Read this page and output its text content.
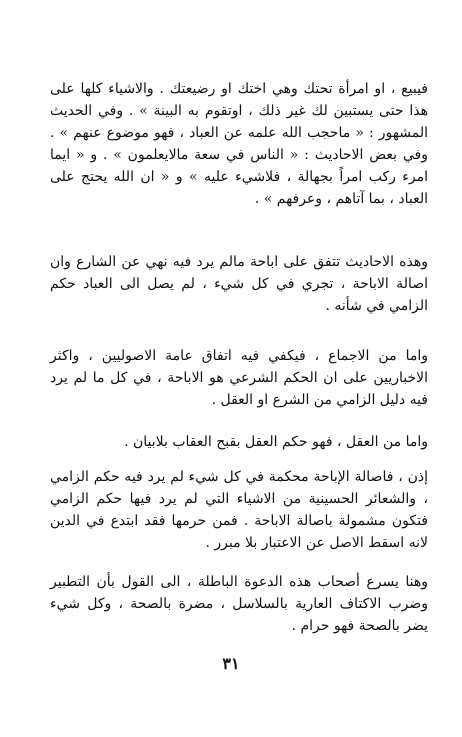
فيبيع ، او امرأة تحتك وهي اختك او رضيعتك . والاشياء كلها على هذا حتى يستبين لك غير ذلك ، اوتقوم به البينة » . وفي الحديث المشهور : « ماحجب الله علمه عن العباد ، فهو موضوع عنهم » . وفي بعض الاحاديث : « الناس في سعة مالايعلمون » . و « ايما امرء ركب امراً بجهالة ، فلاشيء عليه » و « ان الله يحتج على العباد ، بما آتاهم ، وعرفهم » .

وهذه الاحاديث تتفق على اباحة مالم يرد فيه نهي عن الشارع وان اصالة الاباحة ، تجري في كل شيء ، لم يصل الى العباد حكم الزامي في شأنه .

واما من الاجماع ، فيكفي فيه اتفاق عامة الاصوليين ، واكثر الاخباريين على ان الحكم الشرعي هو الاباحة ، في كل ما لم يرد فيه دليل الزامي من الشرع او العقل .

واما من العقل ، فهو حكم العقل بقبح العقاب بلابيان .

إذن ، فاصالة الإباحة محكمة في كل شيء لم يرد فيه حكم الزامي ، والشعائر الحسينية من الاشياء التي لم يرد فيها حكم الزامي فتكون مشمولة باصالة الاباحة . فمن حرمها فقد ابتدع في الدين لانه اسقط الاصل عن الاعتبار بلا مبرر .

وهنا يسرع أصحاب هذه الدعوة الباطلة ، الى القول بأن التطبير وضرب الاكتاف العارية بالسلاسل ، مضرة بالصحة ، وكل شيء يضر بالصحة فهو حرام .

٣١
